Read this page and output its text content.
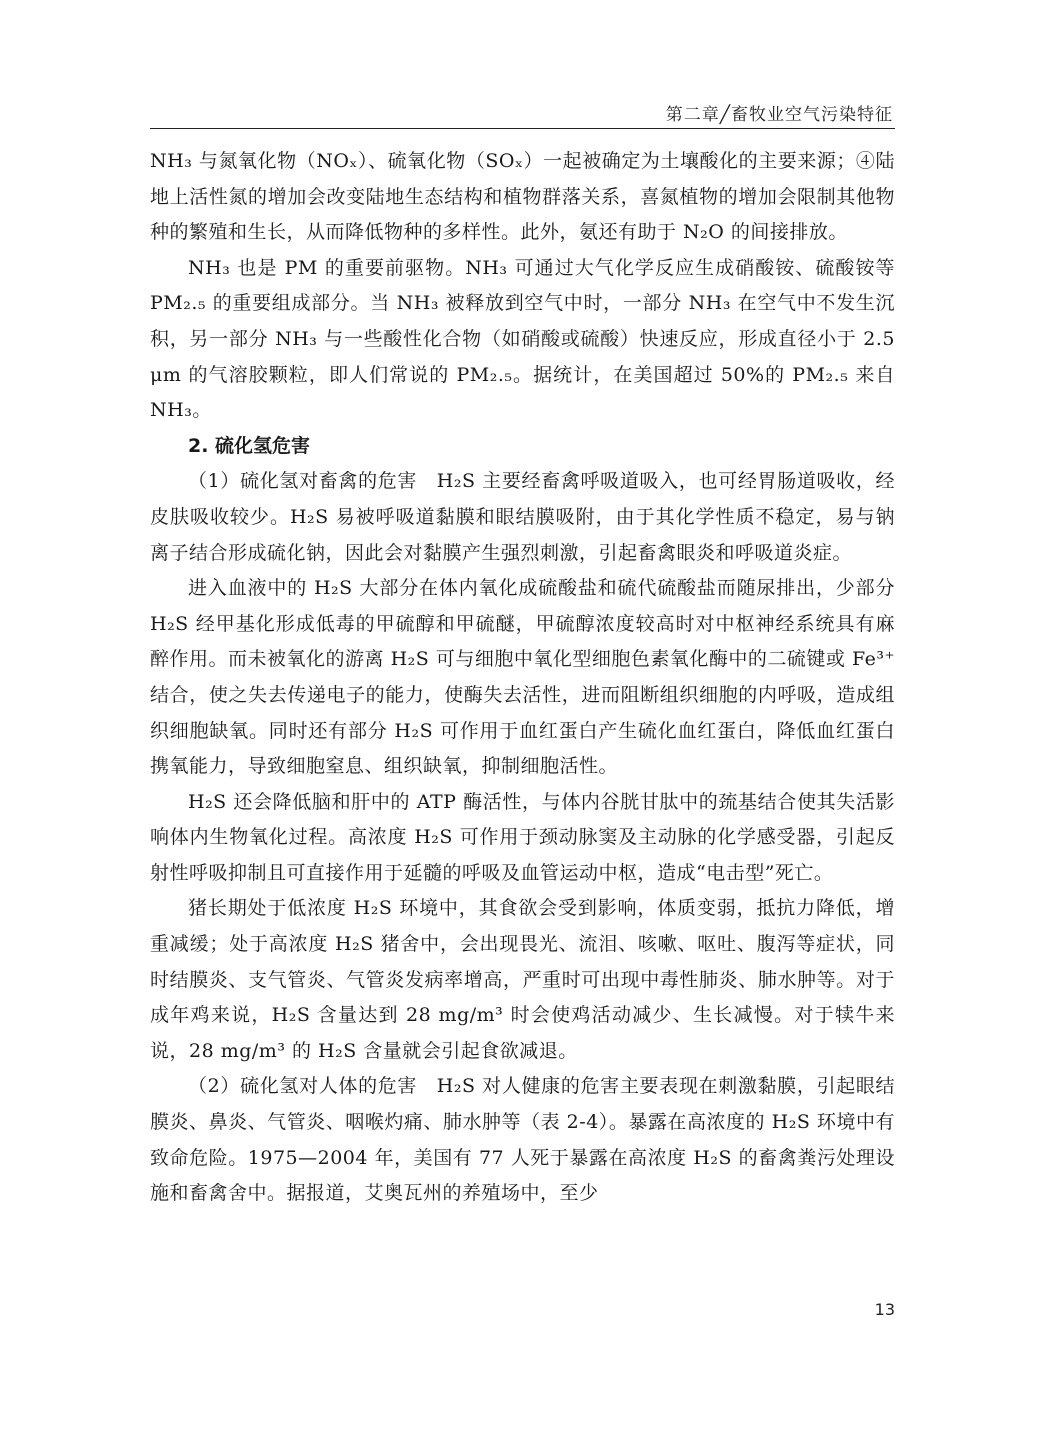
第二章╱畜牧业空气污染特征

NH₃ 与氮氧化物（NOₓ）、硫氧化物（SOₓ）一起被确定为土壤酸化的主要来源；④陆地上活性氮的增加会改变陆地生态结构和植物群落关系，喜氮植物的增加会限制其他物种的繁殖和生长，从而降低物种的多样性。此外，氨还有助于 N₂O 的间接排放。

NH₃ 也是 PM 的重要前驱物。NH₃ 可通过大气化学反应生成硝酸铵、硫酸铵等 PM₂.₅ 的重要组成部分。当 NH₃ 被释放到空气中时，一部分 NH₃ 在空气中不发生沉积，另一部分 NH₃ 与一些酸性化合物（如硝酸或硫酸）快速反应，形成直径小于 2.5 μm 的气溶胶颗粒，即人们常说的 PM₂.₅。据统计，在美国超过 50%的 PM₂.₅ 来自 NH₃。

2. 硫化氢危害

（1）硫化氢对畜禽的危害　H₂S 主要经畜禽呼吸道吸入，也可经胃肠道吸收，经皮肤吸收较少。H₂S 易被呼吸道黏膜和眼结膜吸附，由于其化学性质不稳定，易与钠离子结合形成硫化钠，因此会对黏膜产生强烈刺激，引起畜禽眼炎和呼吸道炎症。

进入血液中的 H₂S 大部分在体内氧化成硫酸盐和硫代硫酸盐而随尿排出，少部分 H₂S 经甲基化形成低毒的甲硫醇和甲硫醚，甲硫醇浓度较高时对中枢神经系统具有麻醉作用。而未被氧化的游离 H₂S 可与细胞中氧化型细胞色素氧化酶中的二硫键或 Fe³⁺ 结合，使之失去传递电子的能力，使酶失去活性，进而阻断组织细胞的内呼吸，造成组织细胞缺氧。同时还有部分 H₂S 可作用于血红蛋白产生硫化血红蛋白，降低血红蛋白携氧能力，导致细胞窒息、组织缺氧，抑制细胞活性。

H₂S 还会降低脑和肝中的 ATP 酶活性，与体内谷胱甘肽中的巯基结合使其失活影响体内生物氧化过程。高浓度 H₂S 可作用于颈动脉窦及主动脉的化学感受器，引起反射性呼吸抑制且可直接作用于延髓的呼吸及血管运动中枢，造成“电击型”死亡。

猪长期处于低浓度 H₂S 环境中，其食欲会受到影响，体质变弱，抵抗力降低，增重减缓；处于高浓度 H₂S 猪舍中，会出现畏光、流泪、咳嗽、呕吐、腹泻等症状，同时结膜炎、支气管炎、气管炎发病率增高，严重时可出现中毒性肺炎、肺水肿等。对于成年鸡来说，H₂S 含量达到 28 mg/m³ 时会使鸡活动减少、生长减慢。对于犊牛来说，28 mg/m³ 的 H₂S 含量就会引起食欲减退。

（2）硫化氢对人体的危害　H₂S 对人健康的危害主要表现在刺激黏膜，引起眼结膜炎、鼻炎、气管炎、咽喉灼痛、肺水肿等（表 2-4）。暴露在高浓度的 H₂S 环境中有致命危险。1975—2004 年，美国有 77 人死于暴露在高浓度 H₂S 的畜禽粪污处理设施和畜禽舍中。据报道，艾奥瓦州的养殖场中，至少

13
